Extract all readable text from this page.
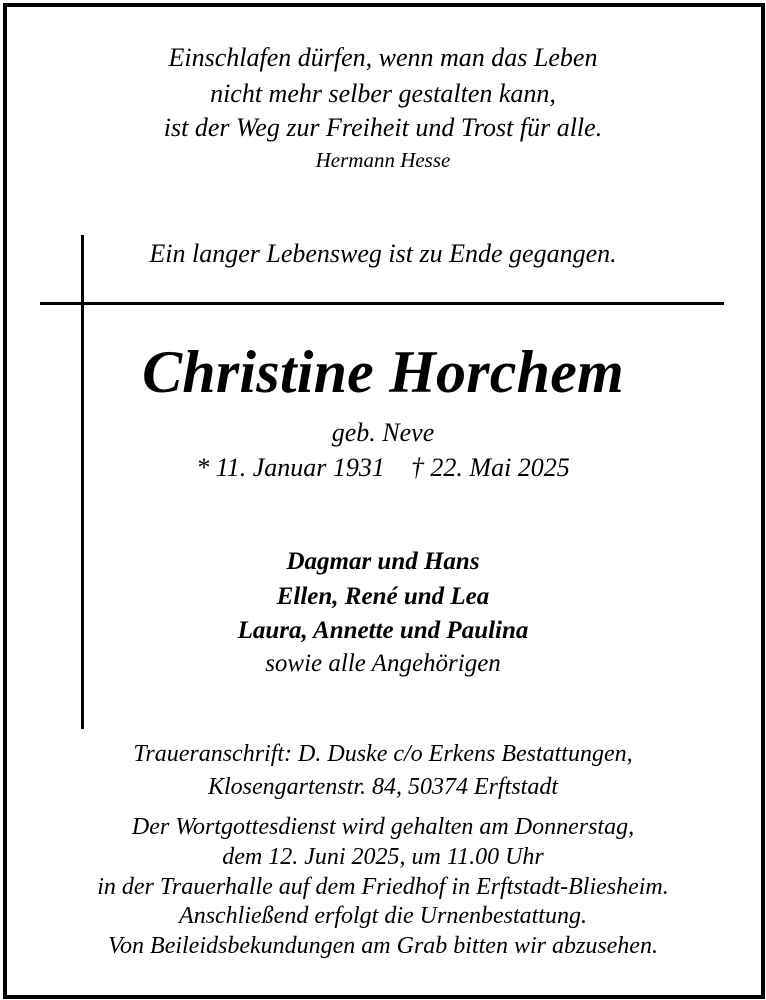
Einschlafen dürfen, wenn man das Leben
nicht mehr selber gestalten kann,
ist der Weg zur Freiheit und Trost für alle.
Hermann Hesse
Ein langer Lebensweg ist zu Ende gegangen.
Christine Horchem
geb. Neve
* 11. Januar 1931 † 22. Mai 2025
Dagmar und Hans
Ellen, René und Lea
Laura, Annette und Paulina
sowie alle Angehörigen
Traueranschrift: D. Duske c/o Erkens Bestattungen,
Klosengartenstr. 84, 50374 Erftstadt
Der Wortgottesdienst wird gehalten am Donnerstag,
dem 12. Juni 2025, um 11.00 Uhr
in der Trauerhalle auf dem Friedhof in Erftstadt-Bliesheim.
Anschließend erfolgt die Urnenbestattung.
Von Beileidsbekundungen am Grab bitten wir abzusehen.
